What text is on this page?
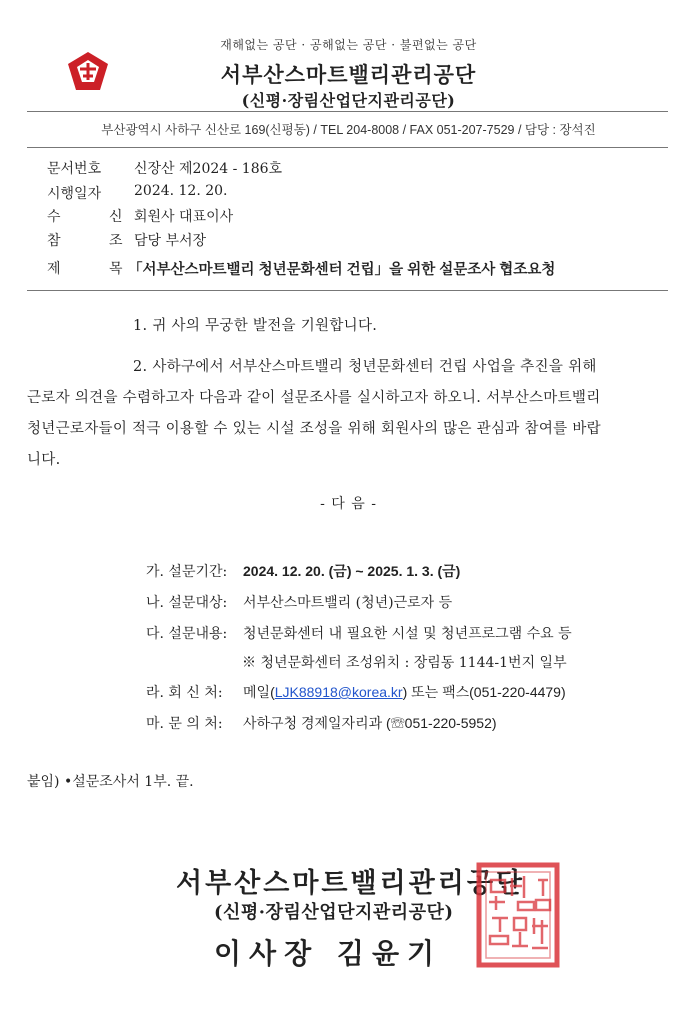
재해없는 공단 · 공해없는 공단 · 불편없는 공단
서부산스마트밸리관리공단
(신평·장림산업단지관리공단)
부산광역시 사하구 신산로 169(신평동) / TEL 204-8008 / FAX 051-207-7529 / 담당 : 장석진
문서번호 신장산 제2024 - 186호
시행일자 2024. 12. 20.
수 신
회원사 대표이사
참 조
담당 부서장
제 목
「서부산스마트밸리 청년문화센터 건립」을 위한 설문조사 협조요청
1. 귀 사의 무궁한 발전을 기원합니다.
2. 사하구에서 서부산스마트밸리 청년문화센터 건립 사업을 추진을 위해
근로자 의견을 수렴하고자 다음과 같이 설문조사를 실시하고자 하오니. 서부산스마트밸리
청년근로자들이 적극 이용할 수 있는 시설 조성을 위해 회원사의 많은 관심과 참여를 바랍
니다.
- 다 음 -
가. 설문기간: 2024. 12. 20. (금) ~ 2025. 1. 3. (금)
나. 설문대상: 서부산스마트밸리 (청년)근로자 등
다. 설문내용: 청년문화센터 내 필요한 시설 및 청년프로그램 수요 등
※ 청년문화센터 조성위치 : 장림동 1144-1번지 일부
라. 회 신 처: 메일(LJK88918@korea.kr) 또는 팩스(051-220-4479)
마. 문 의 처: 사하구청 경제일자리과 (☏051-220-5952)
붙임) •설문조사서 1부. 끝.
서부산스마트밸리관리공단
(신평·장림산업단지관리공단)
이사장 김윤기
